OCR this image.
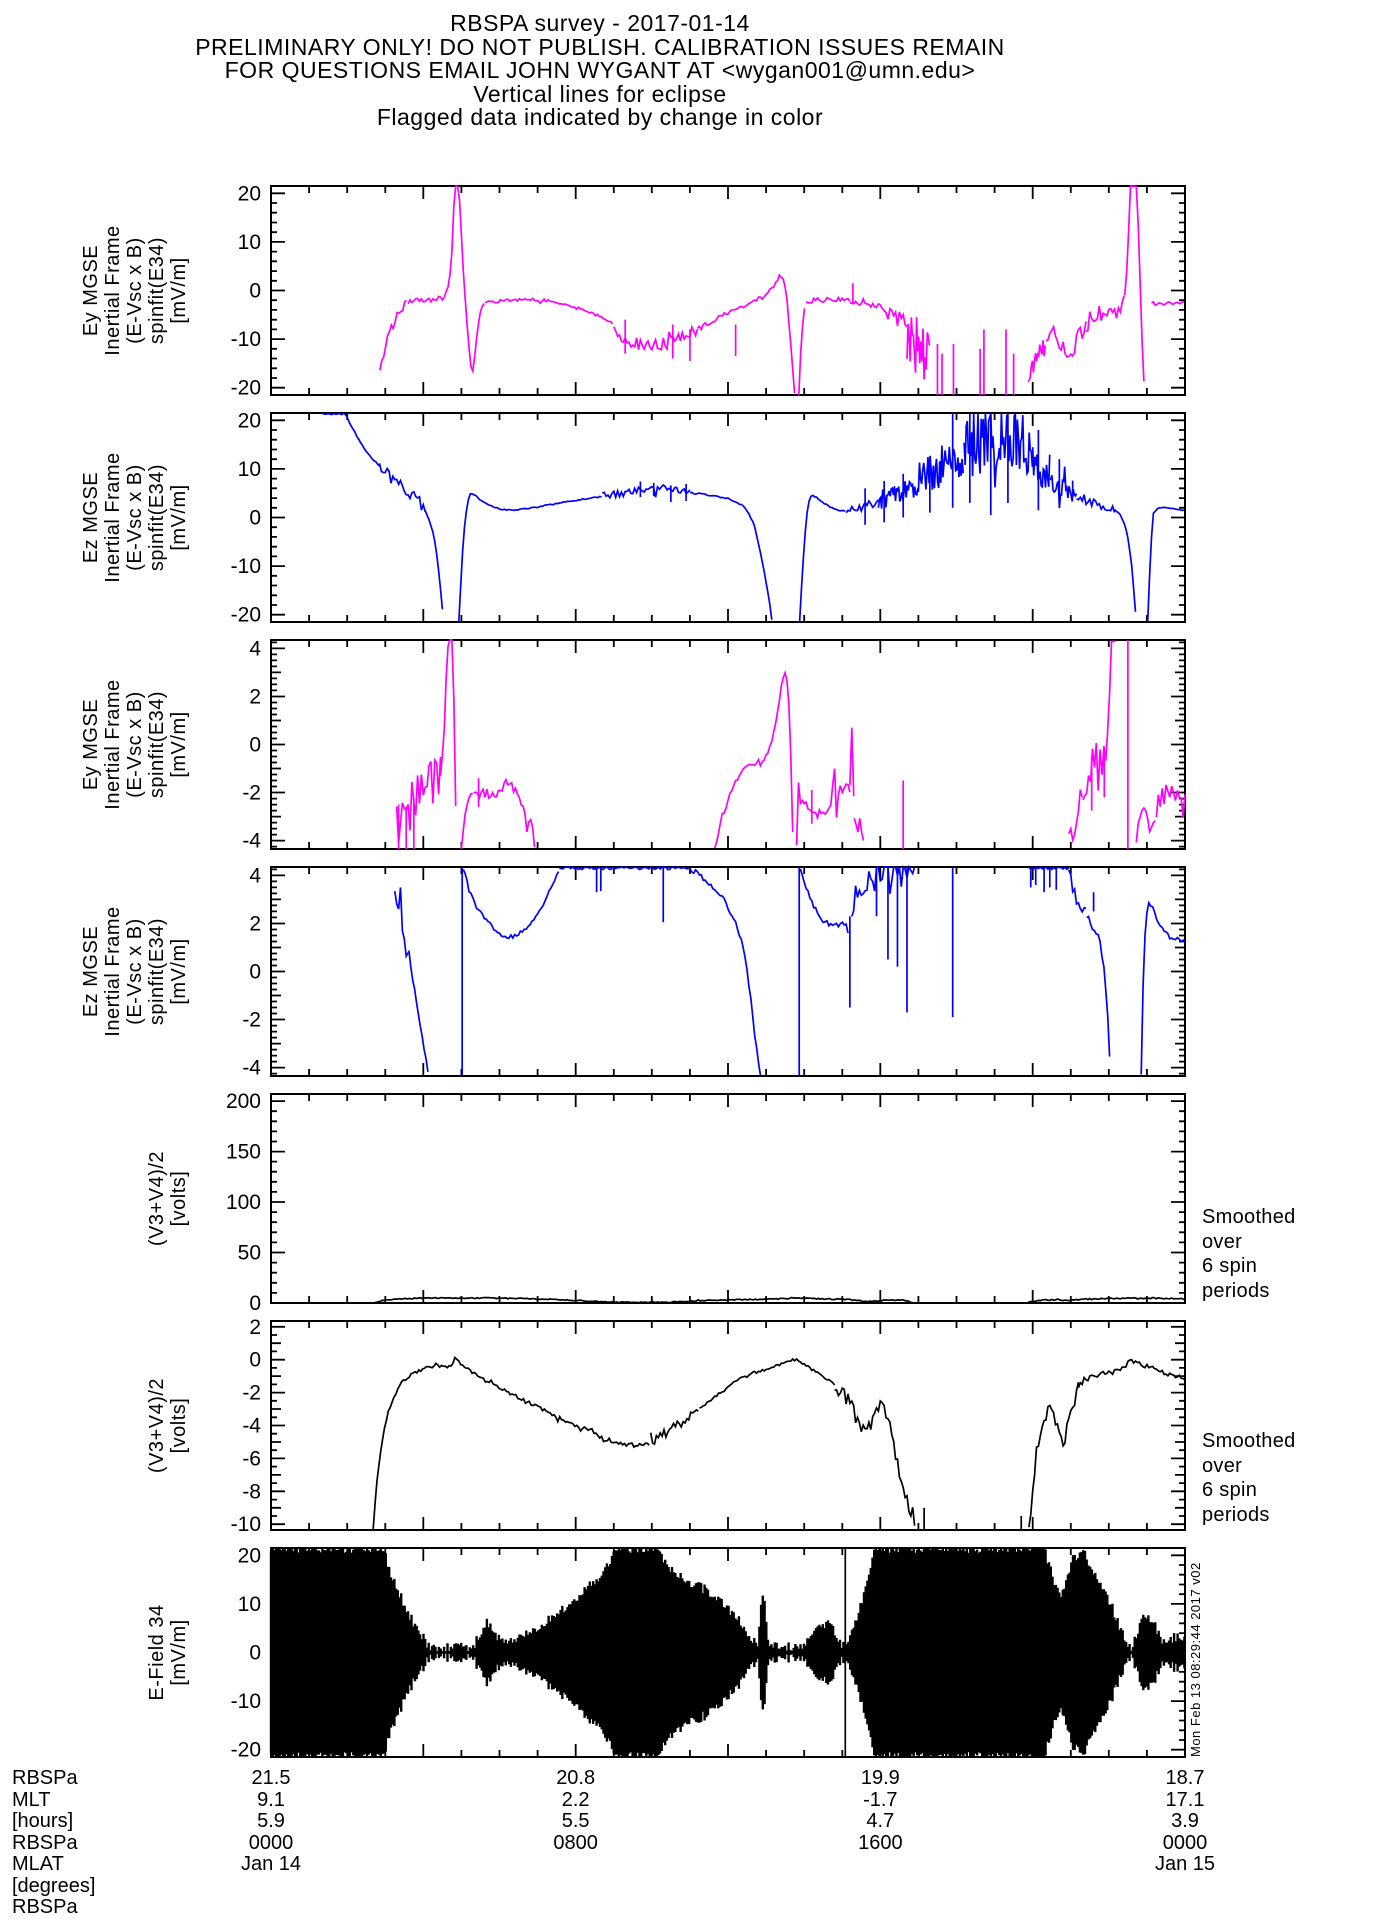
RBSPA survey - 2017-01-14
PRELIMINARY ONLY! DO NOT PUBLISH. CALIBRATION ISSUES REMAIN
FOR QUESTIONS EMAIL JOHN WYGANT AT <wygan001@umn.edu>
Vertical lines for eclipse
Flagged data indicated by change in color
20
10
0
-10
-20
Ey MGSE Inertial Frame (E-Vsc x B) spinfit(E34) [mV/m]
20
10
0
-10
-20
Ez MGSE Inertial Frame (E-Vsc x B) spinfit(E34) [mV/m]
4
2
0
-2
-4
Ey MGSE Inertial Frame (E-Vsc x B) spinfit(E34) [mV/m]
4
2
0
-2
-4
Ez MGSE Inertial Frame (E-Vsc x B) spinfit(E34) [mV/m]
200
150
100
50
0
(V3+V4)/2 [volts]
2
0
-2
-4
-6
-8
-10
(V3+V4)/2 [volts]
20
10
0
-10
-20
E-Field 34 [mV/m]
Smoothed
over
6 spin
periods
Smoothed
over
6 spin
periods
Mon Feb 13 08:29:44 2017 v02
RBSPa
MLT
[hours]
RBSPa
MLAT
[degrees]
RBSPa
21.5
9.1
5.9
0000
Jan 14
20.8
2.2
5.5
0800
19.9
-1.7
4.7
1600
18.7
17.1
3.9
0000
Jan 15
